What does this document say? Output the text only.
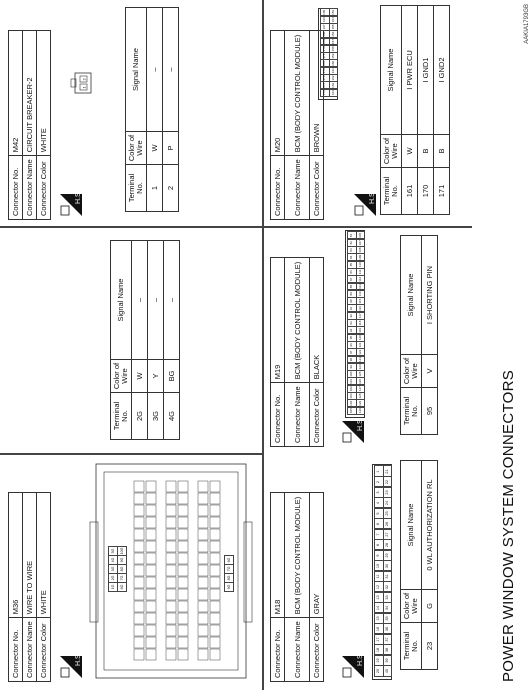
POWER WINDOW SYSTEM CONNECTORS
Connector No.	M18
Connector Name	BCM (BODY CONTROL MODULE)
Connector Color	GRAY
H.S.
20
19
18
17
16
15
14
13
12
11
10
9
8
7
6
5
4
3
2
1
40
39
38
37
36
35
34
33
32
31
30
29
28
27
26
25
24
23
22
21
Terminal No.	Color of Wire	Signal Name
23	G	0 WL AUTHORIZATION RL
Connector No.	M19
Connector Name	BCM (BODY CONTROL MODULE)
Connector Color	BLACK
H.S.
105
104
103
102
101
100
99
98
97
96
95
94
93
92
91
90
89
88
87
86
85
84
83
82
81
130
129
128
127
126
125
124
123
122
121
120
119
118
117
116
115
114
113
112
111
110
109
108
107
106
Terminal No.	Color of Wire	Signal Name
95	V	I SHORTING PIN
Connector No.	M20
Connector Name	BCM (BODY CONTROL MODULE)
Connector Color	BROWN
H.S.
176
175
174
173
172
171
170
169
168
167
166
165
164
163
162
161
160
159
158
157
156
155
154
153
Terminal No.	Color of Wire	Signal Name
161	W	I PWR ECU
170	B	I GND1
171	B	I GND2
Connector No.	M36
Connector Name	WIRE TO WIRE
Connector Color	WHITE
H.S.
1G
2G
3G
4G
5G
6G
7G
8G
9G
10G
9G
8G
7G
6G
Terminal No.	Color of Wire	Signal Name
2G	W	–
3G	Y	–
4G	BG	–
Connector No.	M42
Connector Name	CIRCUIT BREAKER-2
Connector Color	WHITE
H.S.
1
2
Terminal No.	Color of Wire	Signal Name
1	W	–
2	P	–
AAKIA1793GB
